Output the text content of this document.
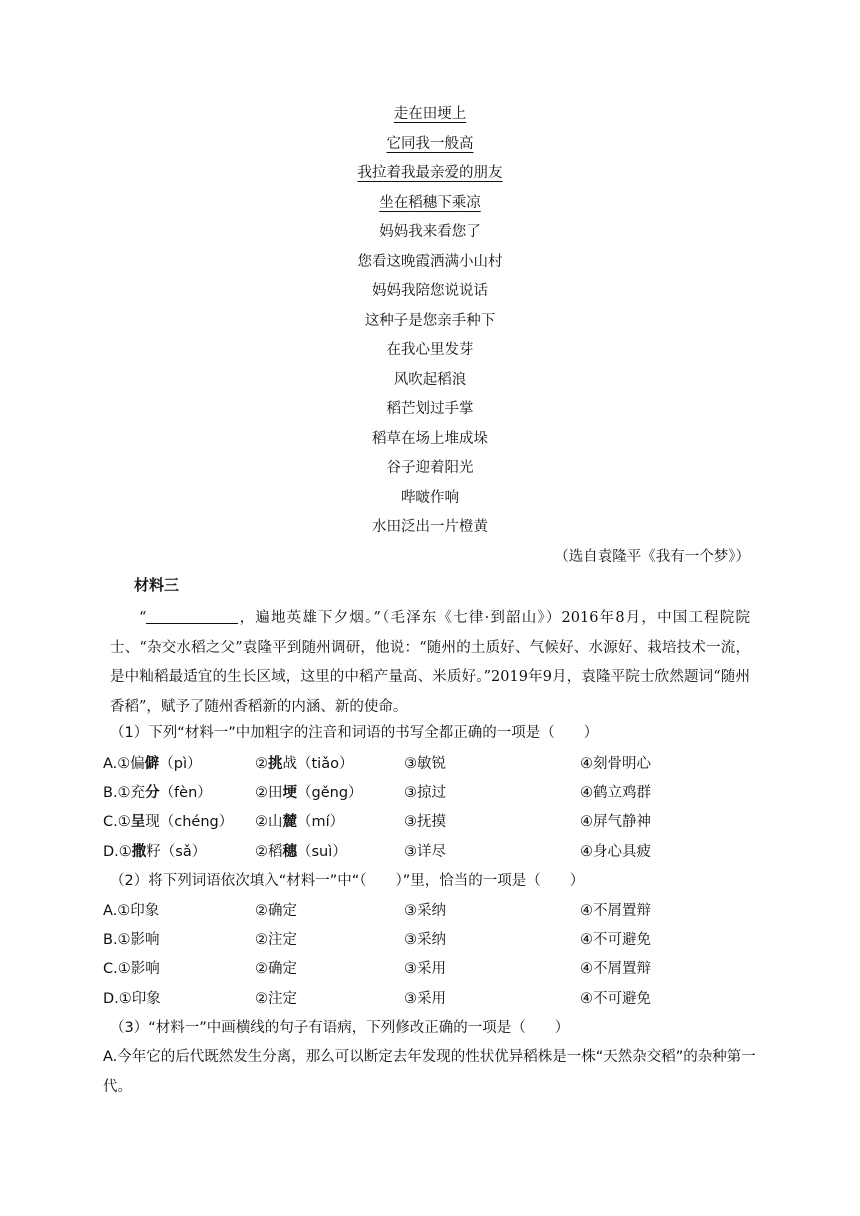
走在田埂上
它同我一般高
我拉着我最亲爱的朋友
坐在稻穗下乘凉
妈妈我来看您了
您看这晚霞洒满小山村
妈妈我陪您说说话
这种子是您亲手种下
在我心里发芽
风吹起稻浪
稻芒划过手掌
稻草在场上堆成垛
谷子迎着阳光
哔啵作响
水田泛出一片橙黄
（选自袁隆平《我有一个梦》）
材料三
“	，遍地英雄下夕烟。”（毛泽东《七律·到韶山》）2016年8月，中国工程院院士、“杂交水稻之父”袁隆平到随州调研，他说：“随州的土质好、气候好、水源好、栽培技术一流，是中籼稻最适宜的生长区域，这里的中稻产量高、米质好。”2019年9月，袁隆平院士欣然题词“随州香稻”，赋予了随州香稻新的内涵、新的使命。
（1）下列“材料一”中加粗字的注音和词语的书写全都正确的一项是（　　）
A.①偏僻（pì）	②挑战（tiǎo）	③敏锐	④刻骨明心
B.①充分（fèn）	②田埂（gěng）	③掠过	④鹤立鸡群
C.①呈现（chéng） ②山麓（mí）	③抚摸	④屏气静神
D.①撒籽（sǎ）	②稻穗（suì）	③详尽	④身心具疲
（2）将下列词语依次填入“材料一”中“（　　）”里，恰当的一项是（　　）
A.①印象	②确定	③采纳	④不屑置辩
B.①影响	②注定	③采纳	④不可避免
C.①影响	②确定	③采用	④不屑置辩
D.①印象	②注定	③采用	④不可避免
（3）“材料一”中画横线的句子有语病，下列修改正确的一项是（　　）
A.今年它的后代既然发生分离，那么可以断定去年发现的性状优异稻株是一株“天然杂交稻”的杂种第一代。
